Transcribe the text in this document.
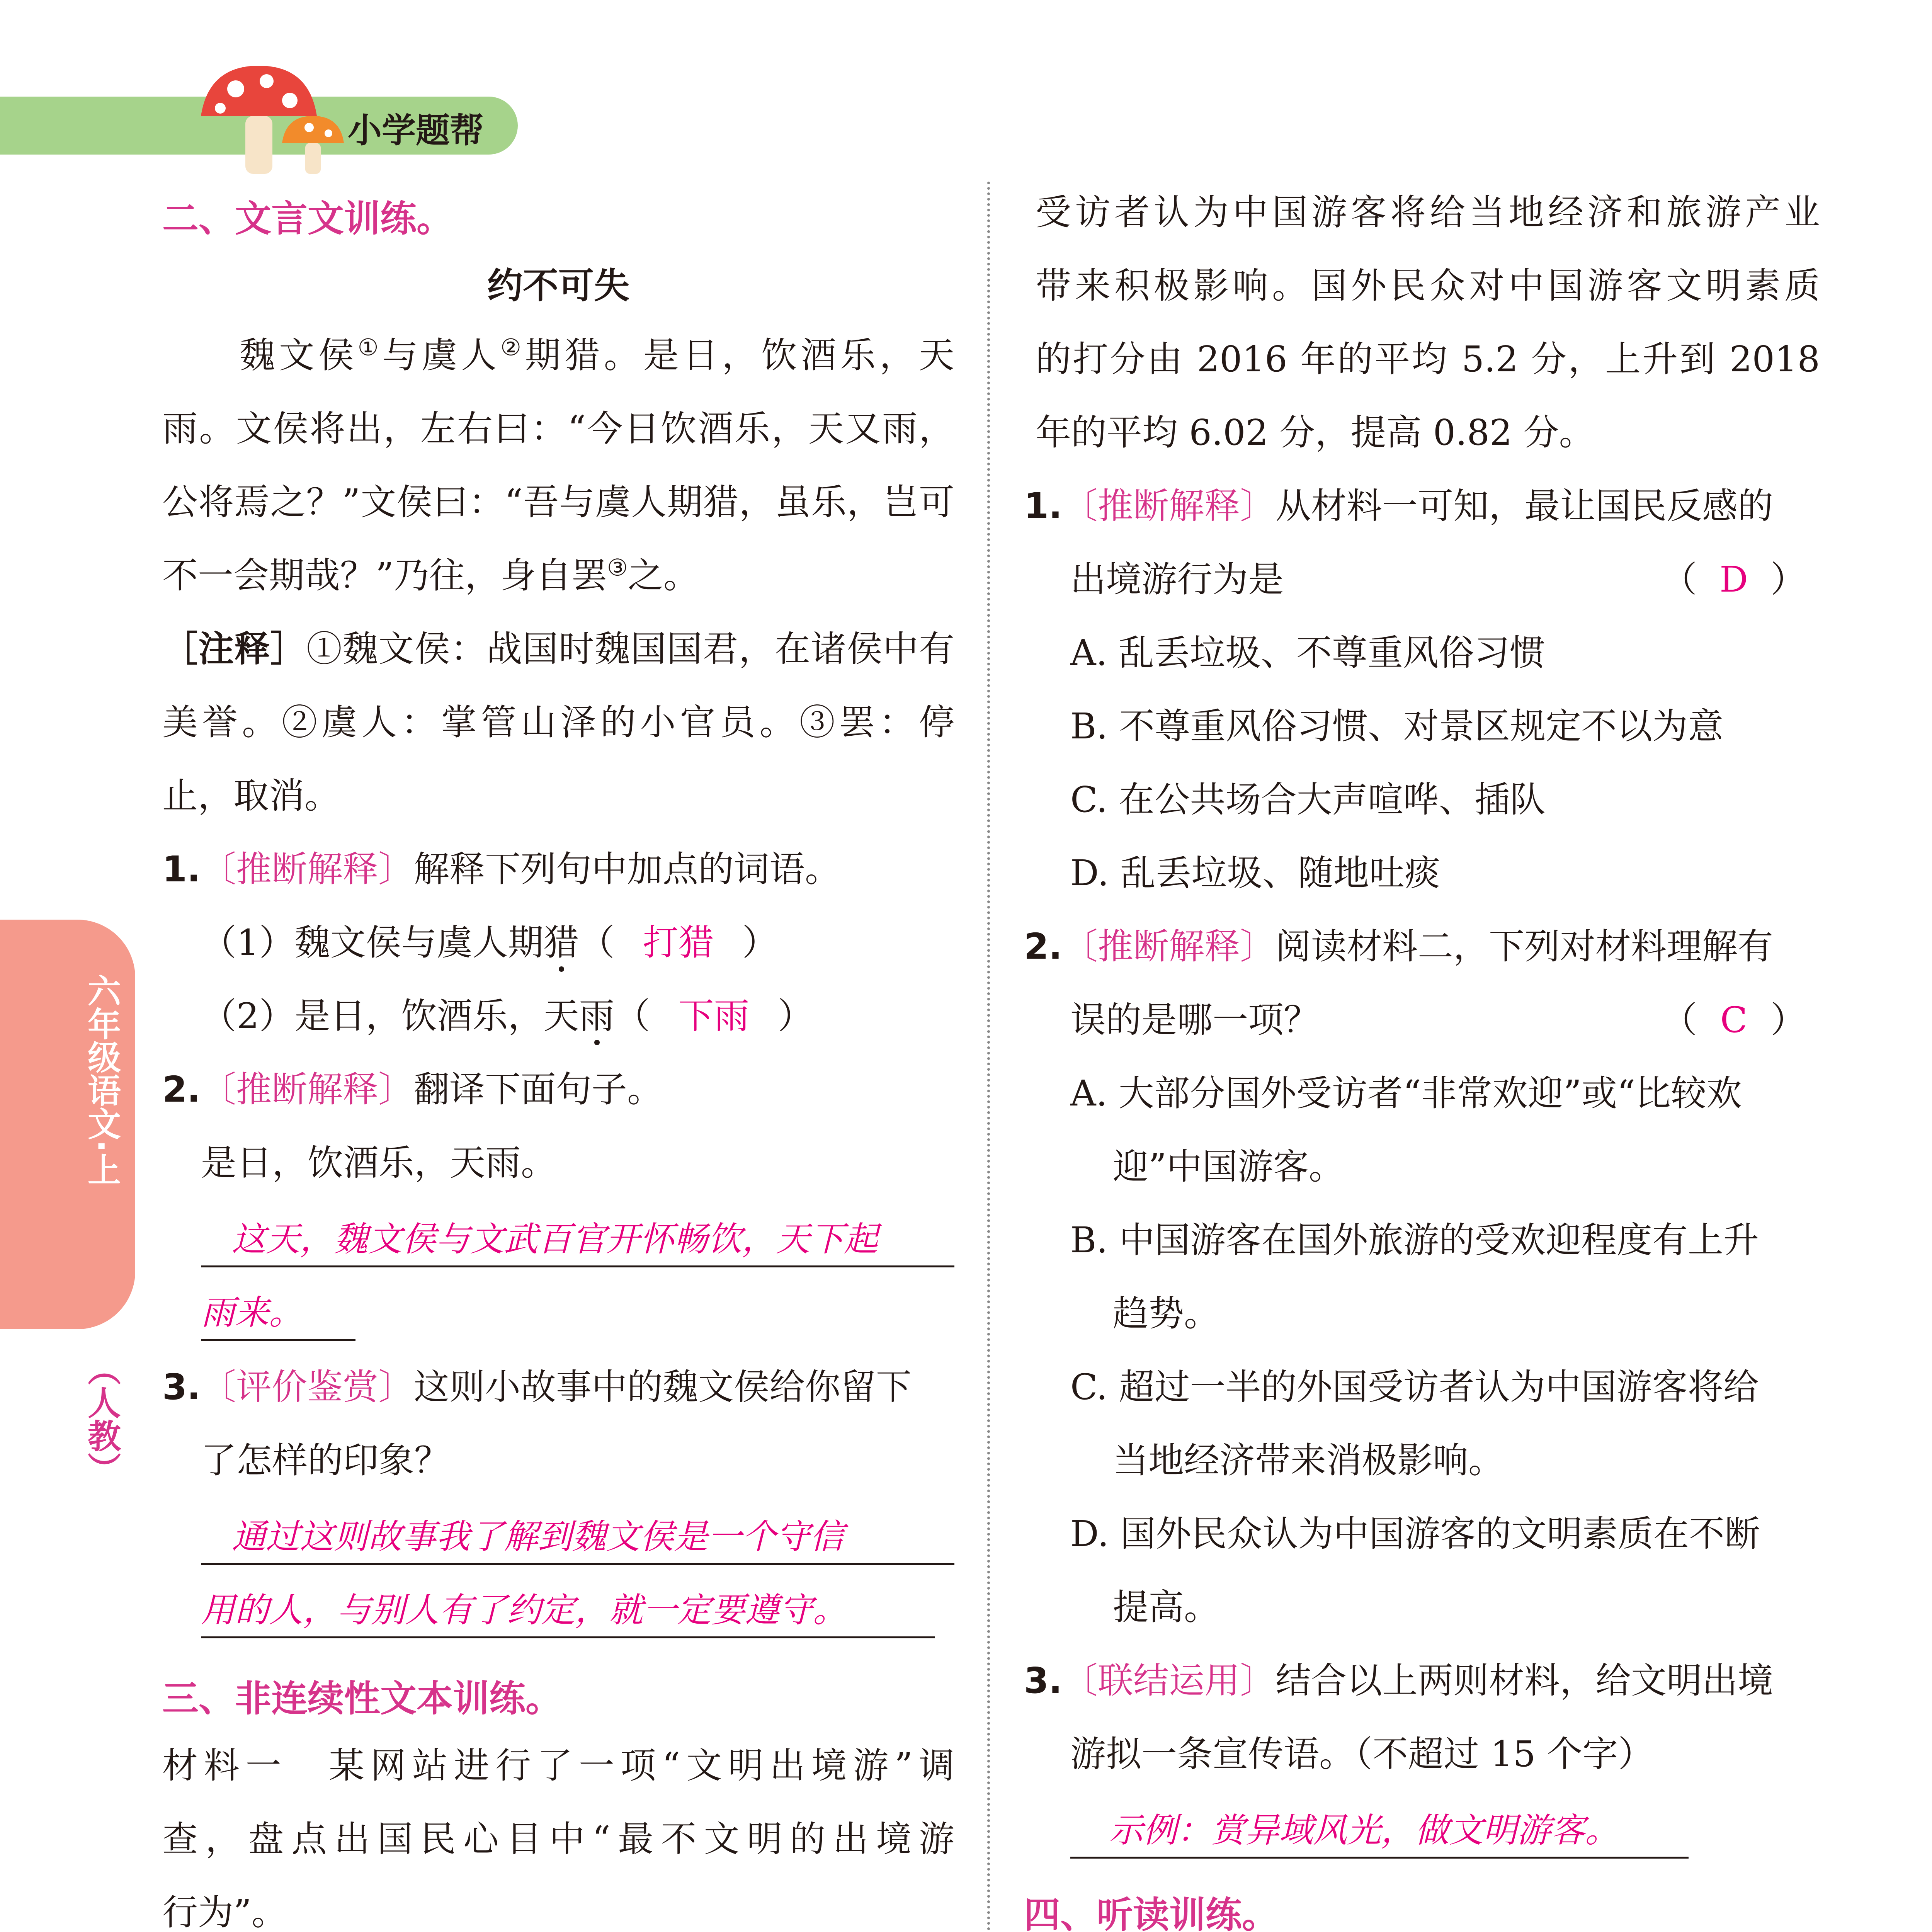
小学题帮
六年级语文·上
（人教）
二、文言文训练。
约不可失
魏文侯①与虞人②期猎。是日，饮酒乐，天
雨。文侯将出，左右曰：“今日饮酒乐，天又雨，
公将焉之？”文侯曰：“吾与虞人期猎，虽乐，岂可
不一会期哉？”乃往，身自罢③之。
［注释］①魏文侯：战国时魏国国君，在诸侯中有
美誉。②虞人：掌管山泽的小官员。③罢：停
止，取消。
1.〔推断解释〕解释下列句中加点的词语。
（1）魏文侯与虞人期猎（ 打猎 ）
（2）是日，饮酒乐，天雨（ 下雨 ）
2.〔推断解释〕翻译下面句子。
是日，饮酒乐，天雨。
这天，魏文侯与文武百官开怀畅饮，天下起
雨来。
3.〔评价鉴赏〕这则小故事中的魏文侯给你留下
了怎样的印象？
通过这则故事我了解到魏文侯是一个守信
用的人，与别人有了约定，就一定要遵守。
三、非连续性文本训练。
材料一　某网站进行了一项“文明出境游”调
查，盘点出国民心目中“最不文明的出境游
行为”。

受访者认为中国游客将给当地经济和旅游产业
带来积极影响。国外民众对中国游客文明素质
的打分由 2016 年的平均 5.2 分，上升到 2018
年的平均 6.02 分，提高 0.82 分。
1.〔推断解释〕从材料一可知，最让国民反感的
出境游行为是	（ D ）
A. 乱丢垃圾、不尊重风俗习惯
B. 不尊重风俗习惯、对景区规定不以为意
C. 在公共场合大声喧哗、插队
D. 乱丢垃圾、随地吐痰
2.〔推断解释〕阅读材料二，下列对材料理解有
误的是哪一项？	（ C ）
A. 大部分国外受访者“非常欢迎”或“比较欢
迎”中国游客。
B. 中国游客在国外旅游的受欢迎程度有上升
趋势。
C. 超过一半的外国受访者认为中国游客将给
当地经济带来消极影响。
D. 国外民众认为中国游客的文明素质在不断
提高。
3.〔联结运用〕结合以上两则材料，给文明出境
游拟一条宣传语。（不超过 15 个字）
示例：赏异域风光，做文明游客。
四、听读训练。
